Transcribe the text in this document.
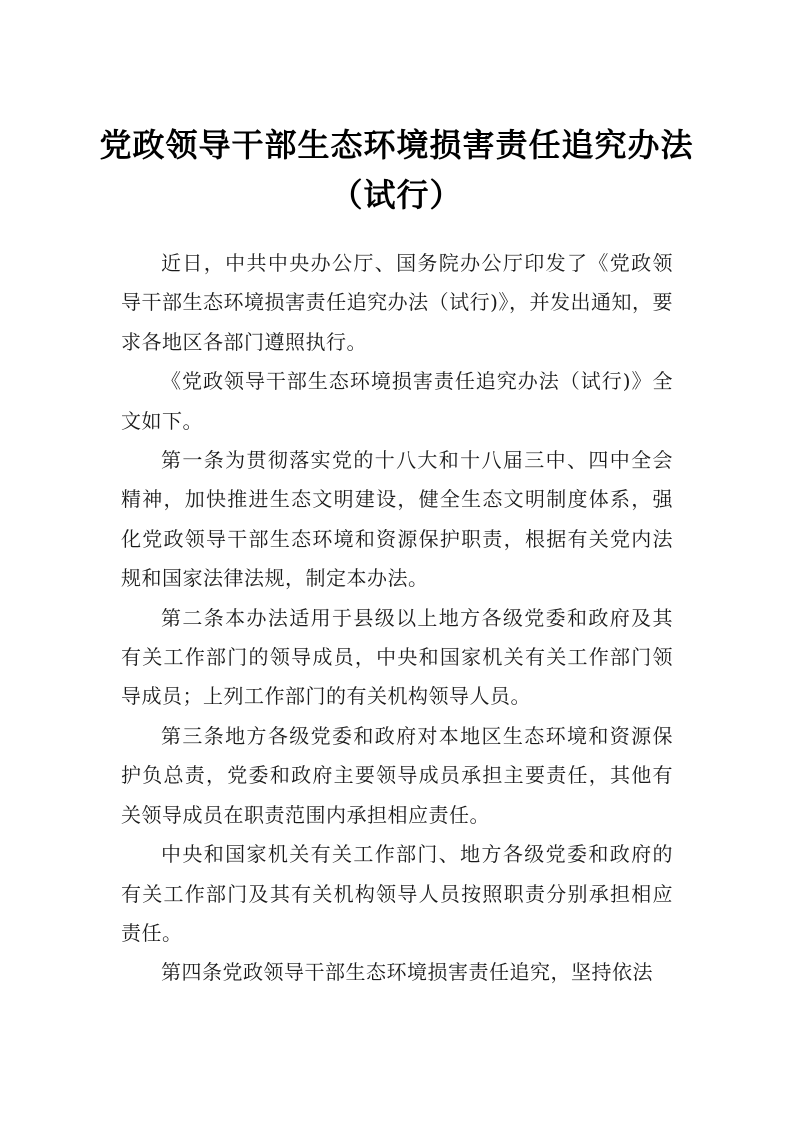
党政领导干部生态环境损害责任追究办法
（试行）

近日，中共中央办公厅、国务院办公厅印发了《党政领导干部生态环境损害责任追究办法（试行)》，并发出通知，要求各地区各部门遵照执行。

《党政领导干部生态环境损害责任追究办法（试行)》全文如下。

第一条为贯彻落实党的十八大和十八届三中、四中全会精神，加快推进生态文明建设，健全生态文明制度体系，强化党政领导干部生态环境和资源保护职责，根据有关党内法规和国家法律法规，制定本办法。

第二条本办法适用于县级以上地方各级党委和政府及其有关工作部门的领导成员，中央和国家机关有关工作部门领导成员；上列工作部门的有关机构领导人员。

第三条地方各级党委和政府对本地区生态环境和资源保护负总责，党委和政府主要领导成员承担主要责任，其他有关领导成员在职责范围内承担相应责任。

中央和国家机关有关工作部门、地方各级党委和政府的有关工作部门及其有关机构领导人员按照职责分别承担相应责任。

第四条党政领导干部生态环境损害责任追究，坚持依法
